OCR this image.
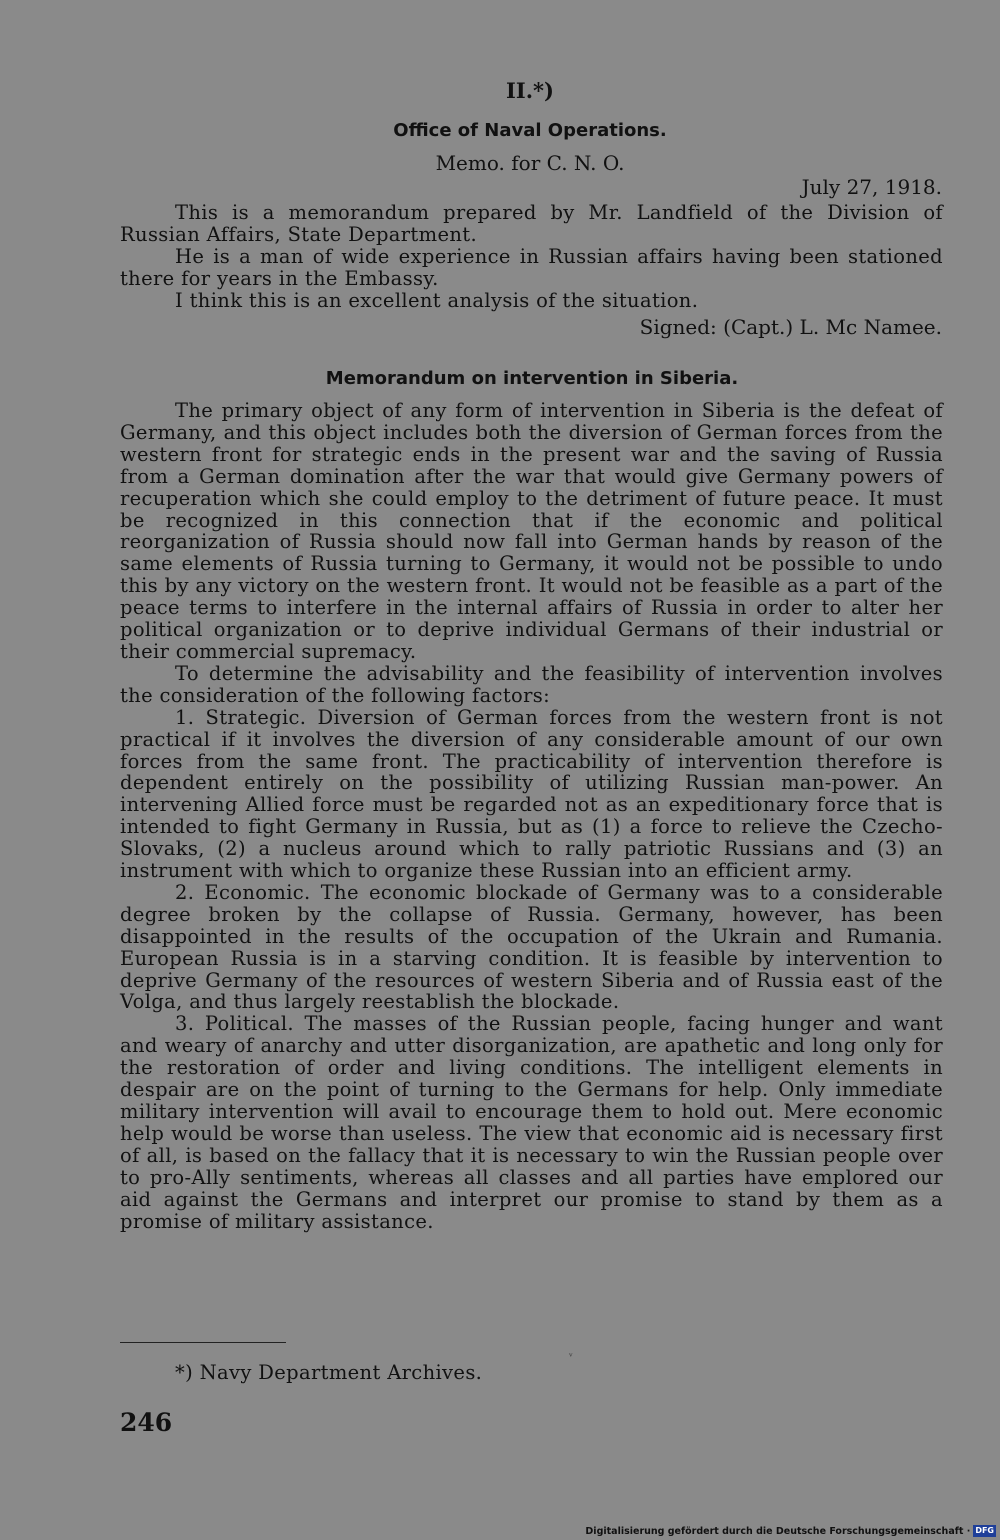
II.*)
Office of Naval Operations.
Memo. for C. N. O.
July 27, 1918.

This is a memorandum prepared by Mr. Landfield of the Division of Russian Affairs, State Department.

He is a man of wide experience in Russian affairs having been stationed there for years in the Embassy.

I think this is an excellent analysis of the situation.

Signed: (Capt.) L. Mc Namee.
Memorandum on intervention in Siberia.

The primary object of any form of intervention in Siberia is the defeat of Germany, and this object includes both the diversion of German forces from the western front for strategic ends in the present war and the saving of Russia from a German domination after the war that would give Germany powers of recuperation which she could employ to the detriment of future peace. It must be recognized in this connection that if the economic and political reorganization of Russia should now fall into German hands by reason of the same elements of Russia turning to Germany, it would not be possible to undo this by any victory on the western front. It would not be feasible as a part of the peace terms to interfere in the internal affairs of Russia in order to alter her political organization or to deprive individual Germans of their industrial or their commercial supremacy.

To determine the advisability and the feasibility of intervention involves the consideration of the following factors:

1. Strategic. Diversion of German forces from the western front is not practical if it involves the diversion of any considerable amount of our own forces from the same front. The practicability of intervention therefore is dependent entirely on the possibility of utilizing Russian man-power. An intervening Allied force must be regarded not as an expeditionary force that is intended to fight Germany in Russia, but as (1) a force to relieve the Czecho-Slovaks, (2) a nucleus around which to rally patriotic Russians and (3) an instrument with which to organize these Russian into an efficient army.

2. Economic. The economic blockade of Germany was to a considerable degree broken by the collapse of Russia. Germany, however, has been disappointed in the results of the occupation of the Ukrain and Rumania. European Russia is in a starving condition. It is feasible by intervention to deprive Germany of the resources of western Siberia and of Russia east of the Volga, and thus largely reestablish the blockade.

3. Political. The masses of the Russian people, facing hunger and want and weary of anarchy and utter disorganization, are apathetic and long only for the restoration of order and living conditions. The intelligent elements in despair are on the point of turning to the Germans for help. Only immediate military intervention will avail to encourage them to hold out. Mere economic help would be worse than useless. The view that economic aid is necessary first of all, is based on the fallacy that it is necessary to win the Russian people over to pro-Ally sentiments, whereas all classes and all parties have emplored our aid against the Germans and interpret our promise to stand by them as a promise of military assistance.

ᵛ
*) Navy Department Archives.
246
Digitalisierung gefördert durch die Deutsche Forschungsgemeinschaft · DFG
